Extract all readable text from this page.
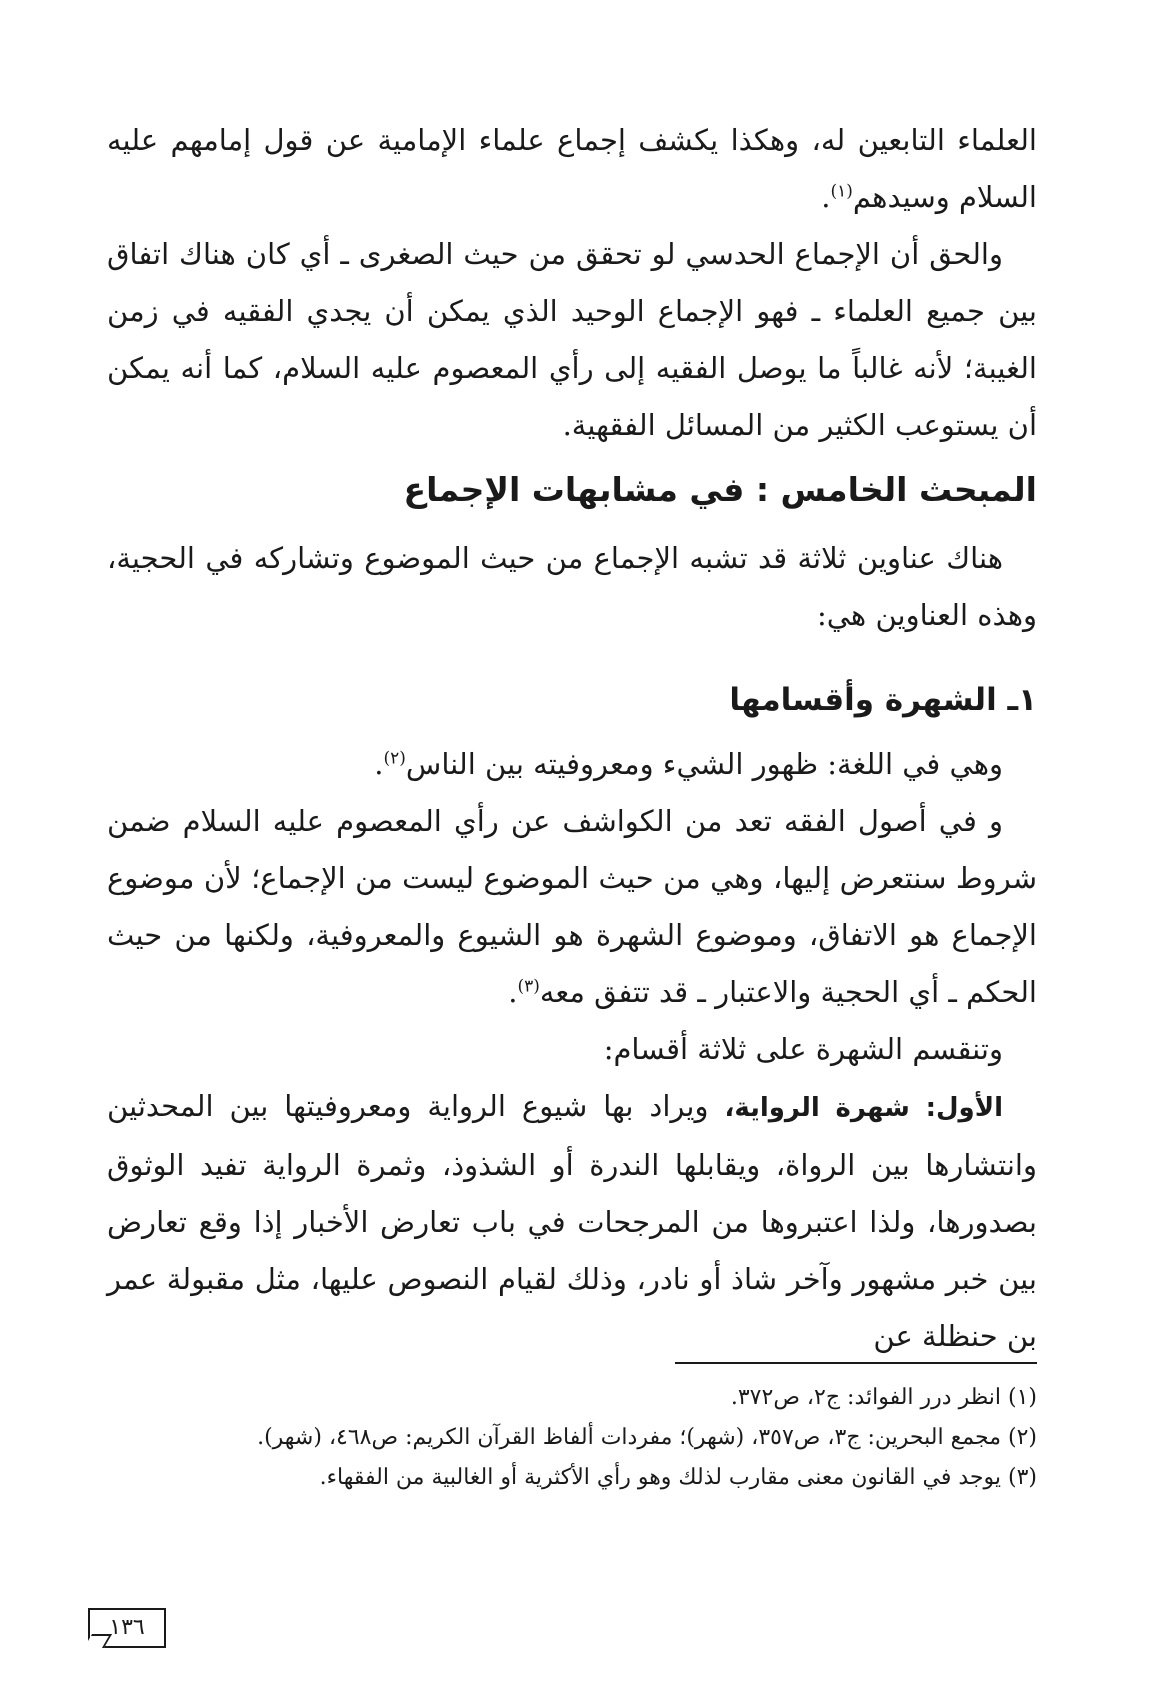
العلماء التابعين له، وهكذا يكشف إجماع علماء الإمامية عن قول إمامهم عليه السلام وسيدهم$^{(١)}$.

والحق أن الإجماع الحدسي لو تحقق من حيث الصغرى ـ أي كان هناك اتفاق بين جميع العلماء ـ فهو الإجماع الوحيد الذي يمكن أن يجدي الفقيه في زمن الغيبة؛ لأنه غالباً ما يوصل الفقيه إلى رأي المعصوم عليه السلام، كما أنه يمكن أن يستوعب الكثير من المسائل الفقهية.

المبحث الخامس : في مشابهات الإجماع

هناك عناوين ثلاثة قد تشبه الإجماع من حيث الموضوع وتشاركه في الحجية، وهذه العناوين هي:

١ـ الشهرة وأقسامها

وهي في اللغة: ظهور الشيء ومعروفيته بين الناس$^{(٢)}$.

و في أصول الفقه تعد من الكواشف عن رأي المعصوم عليه السلام ضمن شروط سنتعرض إليها، وهي من حيث الموضوع ليست من الإجماع؛ لأن موضوع الإجماع هو الاتفاق، وموضوع الشهرة هو الشيوع والمعروفية، ولكنها من حيث الحكم ـ أي الحجية والاعتبار ـ قد تتفق معه$^{(٣)}$.

وتنقسم الشهرة على ثلاثة أقسام:

الأول: شهرة الرواية، ويراد بها شيوع الرواية ومعروفيتها بين المحدثين وانتشارها بين الرواة، ويقابلها الندرة أو الشذوذ، وثمرة الرواية تفيد الوثوق بصدورها، ولذا اعتبروها من المرجحات في باب تعارض الأخبار إذا وقع تعارض بين خبر مشهور وآخر شاذ أو نادر، وذلك لقيام النصوص عليها، مثل مقبولة عمر بن حنظلة عن

(١) انظر درر الفوائد: ج٢، ص٣٧٢.

(٢) مجمع البحرين: ج٣، ص٣٥٧، (شهر)؛ مفردات ألفاظ القرآن الكريم: ص٤٦٨، (شهر).

(٣) يوجد في القانون معنى مقارب لذلك وهو رأي الأكثرية أو الغالبية من الفقهاء.

١٣٦
